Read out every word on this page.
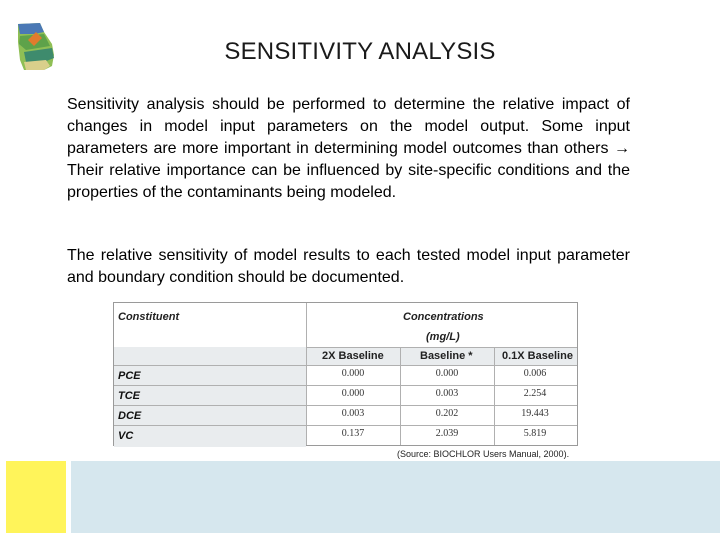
SENSITIVITY ANALYSIS
Sensitivity analysis should be performed to determine the relative impact of changes in model input parameters on the model output. Some input parameters are more important in determining model outcomes than others → Their relative importance can be influenced by site-specific conditions and the properties of the contaminants being modeled.
The relative sensitivity of model results to each tested model input parameter and boundary condition should be documented.
Constituent	Concentrations
(mg/L)
2X Baseline	Baseline *	0.1X Baseline
PCE	0.000	0.000	0.006
TCE	0.000	0.003	2.254
DCE	0.003	0.202	19.443
VC	0.137	2.039	5.819
(Source: BIOCHLOR Users Manual, 2000).
